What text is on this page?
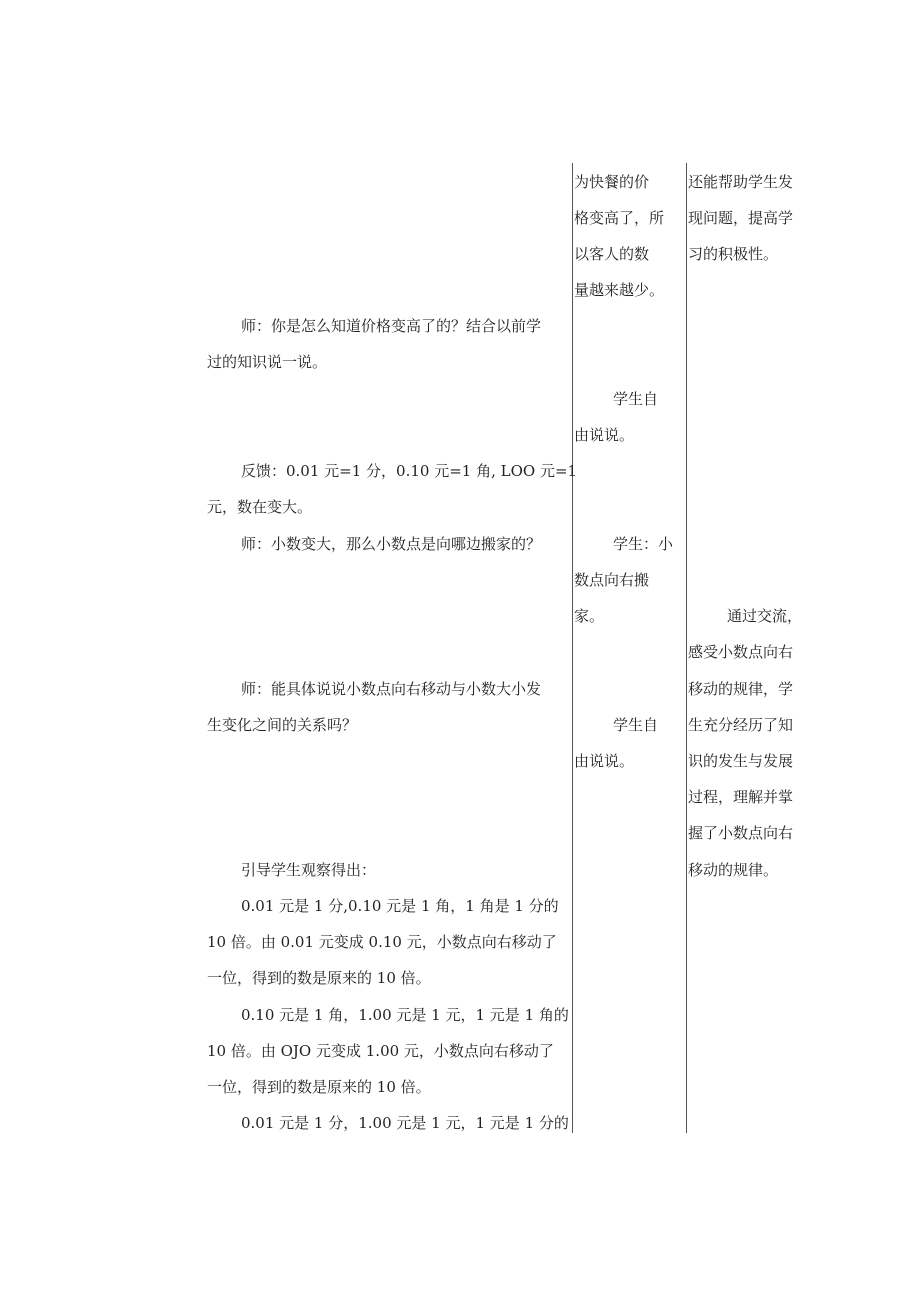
师：你是怎么知道价格变高了的？结合以前学
过的知识说一说。
反馈：0.01 元=1 分，0.10 元=1 角, LOO 元=1
元，数在变大。
师：小数变大，那么小数点是向哪边搬家的？
师：能具体说说小数点向右移动与小数大小发
生变化之间的关系吗？
引导学生观察得出：
0.01 元是 1 分,0.10 元是 1 角，1 角是 1 分的
10 倍。由 0.01 元变成 0.10 元，小数点向右移动了
一位，得到的数是原来的 10 倍。
0.10 元是 1 角，1.00 元是 1 元，1 元是 1 角的
10 倍。由 OJO 元变成 1.00 元，小数点向右移动了
一位，得到的数是原来的 10 倍。
0.01 元是 1 分，1.00 元是 1 元，1 元是 1 分的
为快餐的价
格变高了，所
以客人的数
量越来越少。
学生自
由说说。
学生：小
数点向右搬
家。
学生自
由说说。
还能帮助学生发
现问题，提高学
习的积极性。
通过交流，
感受小数点向右
移动的规律，学
生充分经历了知
识的发生与发展
过程，理解并掌
握了小数点向右
移动的规律。
